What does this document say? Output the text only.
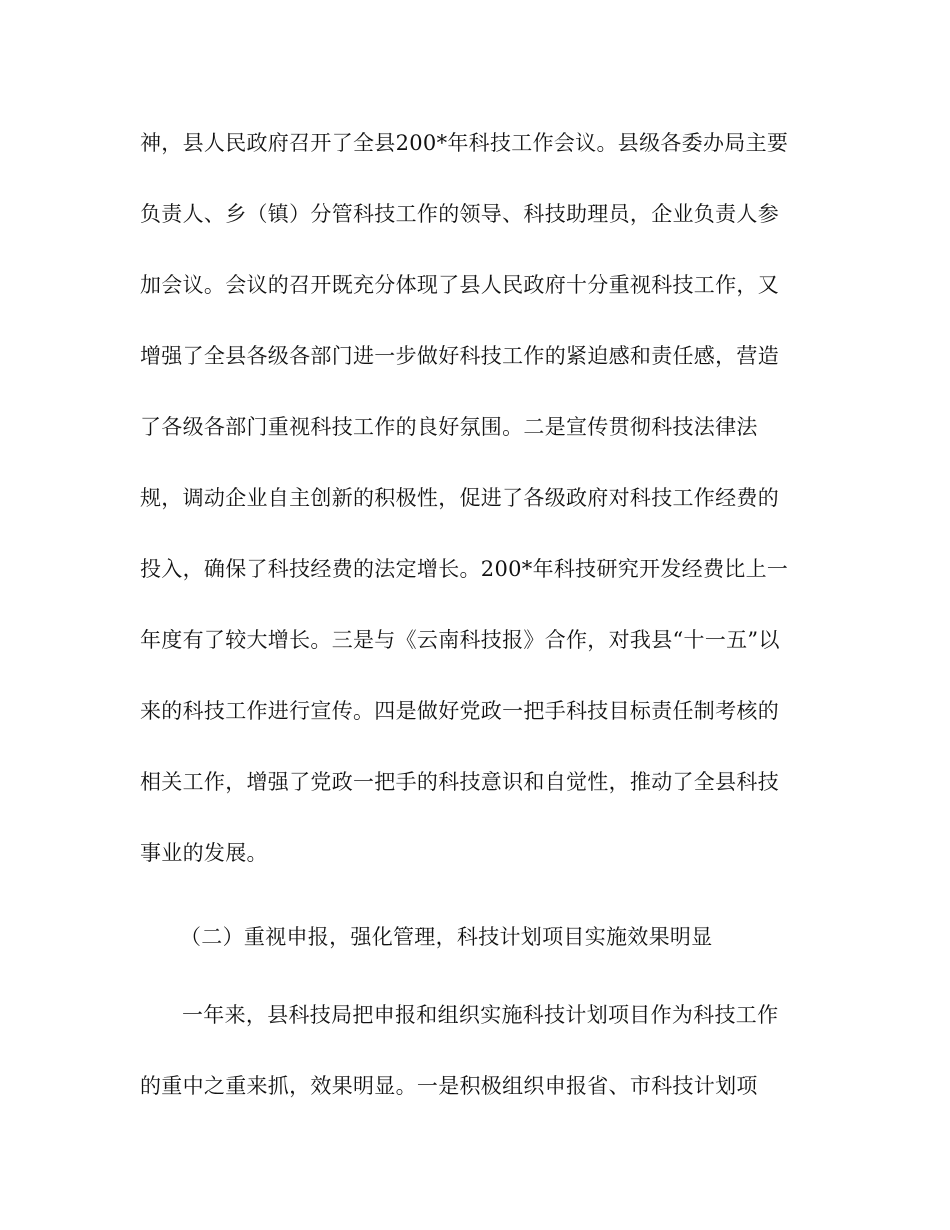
神，县人民政府召开了全县200*年科技工作会议。县级各委办局主要
负责人、乡（镇）分管科技工作的领导、科技助理员，企业负责人参
加会议。会议的召开既充分体现了县人民政府十分重视科技工作，又
增强了全县各级各部门进一步做好科技工作的紧迫感和责任感，营造
了各级各部门重视科技工作的良好氛围。二是宣传贯彻科技法律法
规，调动企业自主创新的积极性，促进了各级政府对科技工作经费的
投入，确保了科技经费的法定增长。200*年科技研究开发经费比上一
年度有了较大增长。三是与《云南科技报》合作，对我县“十一五”以
来的科技工作进行宣传。四是做好党政一把手科技目标责任制考核的
相关工作，增强了党政一把手的科技意识和自觉性，推动了全县科技
事业的发展。
（二）重视申报，强化管理，科技计划项目实施效果明显
一年来，县科技局把申报和组织实施科技计划项目作为科技工作
的重中之重来抓，效果明显。一是积极组织申报省、市科技计划项
